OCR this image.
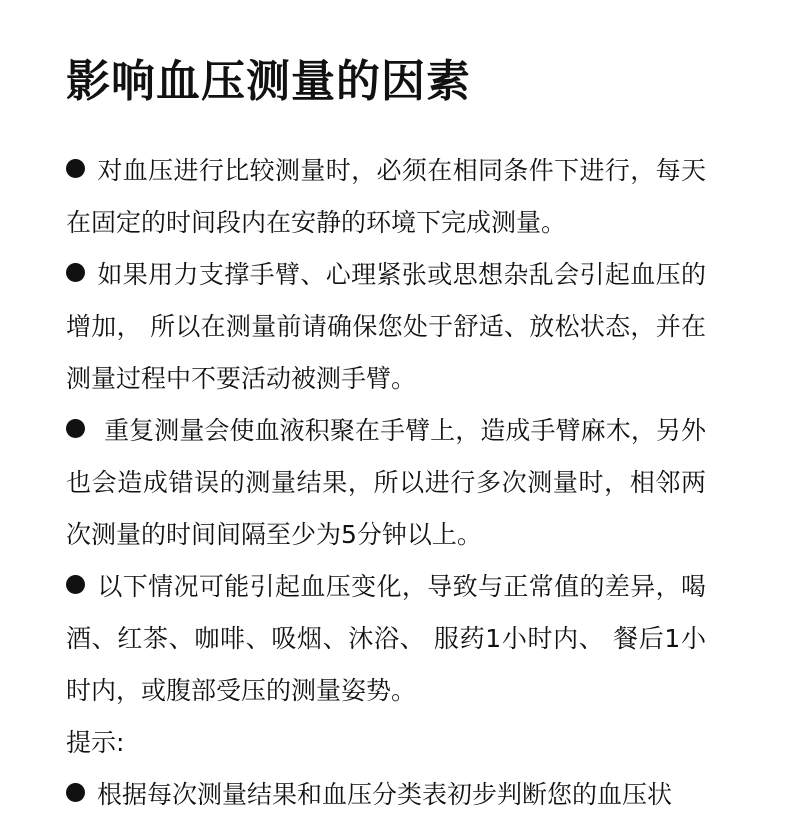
影响血压测量的因素

对血压进行比较测量时，必须在相同条件下进行，每天在固定的时间段内在安静的环境下完成测量。

如果用力支撑手臂、心理紧张或思想杂乱会引起血压的增加， 所以在测量前请确保您处于舒适、放松状态，并在测量过程中不要活动被测手臂。

重复测量会使血液积聚在手臂上，造成手臂麻木，另外也会造成错误的测量结果，所以进行多次测量时，相邻两次测量的时间间隔至少为5分钟以上。

以下情况可能引起血压变化，导致与正常值的差异，喝酒、红茶、咖啡、吸烟、沐浴、 服药1小时内、 餐后1小时内，或腹部受压的测量姿势。

提示:

根据每次测量结果和血压分类表初步判断您的血压状
